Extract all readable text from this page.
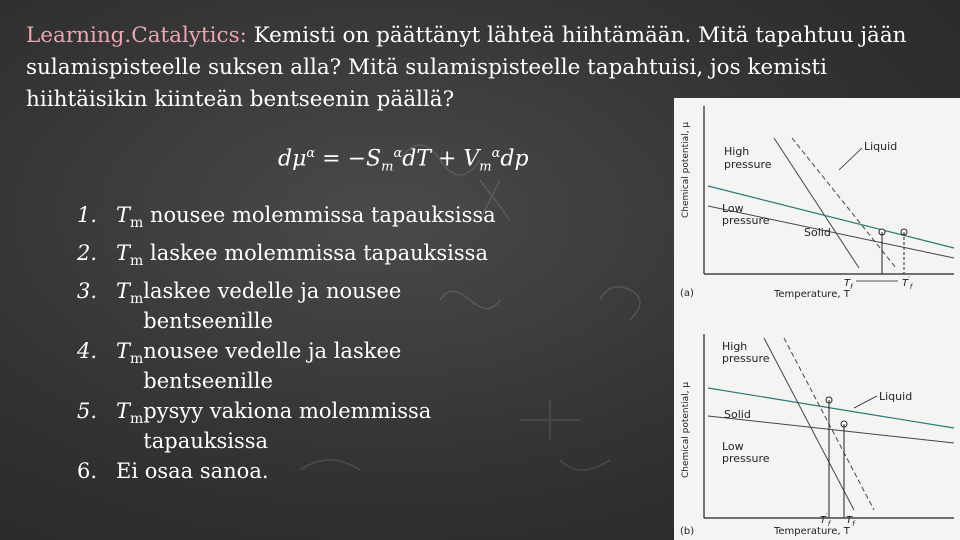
Learning.Catalytics: Kemisti on päättänyt lähteä hiihtämään. Mitä tapahtuu jään sulamispisteelle suksen alla? Mitä sulamispisteelle tapahtuisi, jos kemisti hiihtäisikin kiinteän bentseenin päällä?
$d\mu^\alpha = -S_m^\alpha dT + V_m^\alpha dp$
1. $T_m$ nousee molemmissa tapauksissa
2. $T_m$ laskee molemmissa tapauksissa
3. $T_mlaskee$ vedelle ja nousee bentseenille
4. $T_mnousee$ vedelle ja laskee bentseenille
5. $T_mpysyy$ vakiona molemmissa tapauksissa
6. Ei osaa sanoa.
Chemical potential, μ	High
pressure
Low
pressure
Liquid
Solid
$T_f$	$T'_f$
(a)	Temperature, T
Chemical potential, μ
High
pressure
Solid
Low
pressure
Liquid
$T'_f$ $T_f$
(b)	Temperature, T
